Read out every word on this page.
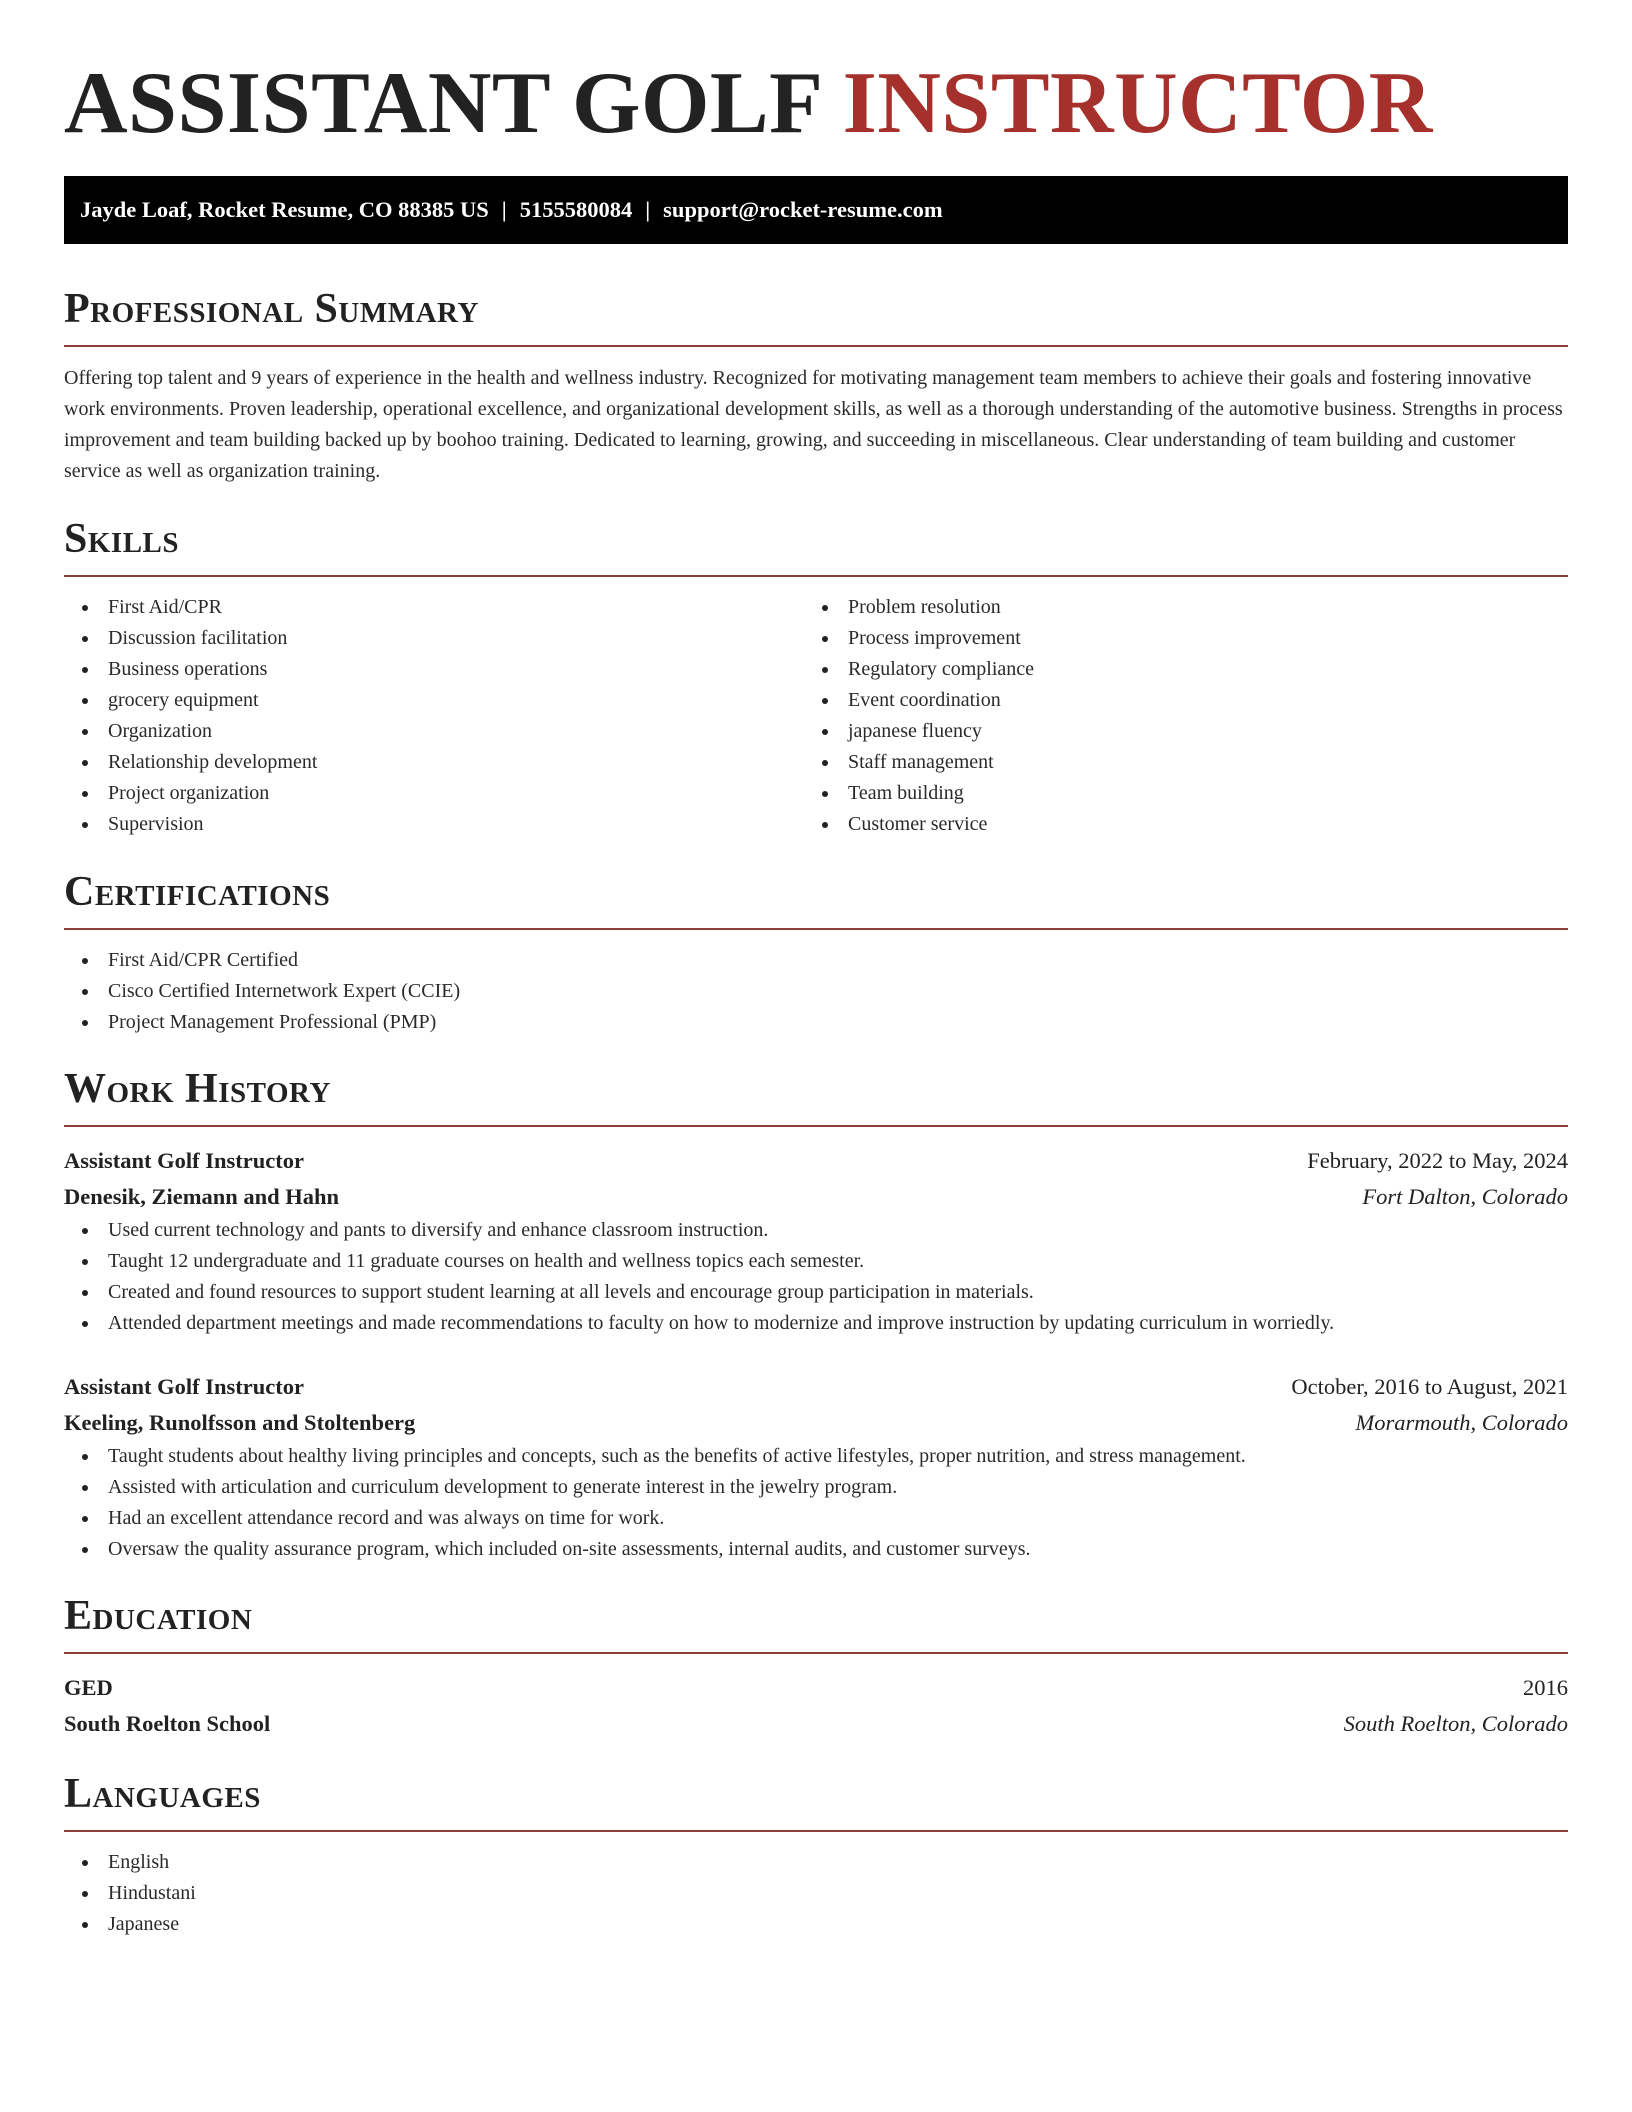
ASSISTANT GOLF INSTRUCTOR
Jayde Loaf, Rocket Resume, CO 88385 US | 5155580084 | support@rocket-resume.com
Professional Summary

Offering top talent and 9 years of experience in the health and wellness industry. Recognized for motivating management team members to achieve their goals and fostering innovative work environments. Proven leadership, operational excellence, and organizational development skills, as well as a thorough understanding of the automotive business. Strengths in process improvement and team building backed up by boohoo training. Dedicated to learning, growing, and succeeding in miscellaneous. Clear understanding of team building and customer service as well as organization training.

Skills
First Aid/CPR
Discussion facilitation
Business operations
grocery equipment
Organization
Relationship development
Project organization
Supervision
Problem resolution
Process improvement
Regulatory compliance
Event coordination
japanese fluency
Staff management
Team building
Customer service
Certifications
First Aid/CPR Certified
Cisco Certified Internetwork Expert (CCIE)
Project Management Professional (PMP)
Work History
Assistant Golf Instructor	February, 2022 to May, 2024
Denesik, Ziemann and Hahn	Fort Dalton, Colorado
Used current technology and pants to diversify and enhance classroom instruction.
Taught 12 undergraduate and 11 graduate courses on health and wellness topics each semester.
Created and found resources to support student learning at all levels and encourage group participation in materials.
Attended department meetings and made recommendations to faculty on how to modernize and improve instruction by updating curriculum in worriedly.
Assistant Golf Instructor	October, 2016 to August, 2021
Keeling, Runolfsson and Stoltenberg	Morarmouth, Colorado
Taught students about healthy living principles and concepts, such as the benefits of active lifestyles, proper nutrition, and stress management.
Assisted with articulation and curriculum development to generate interest in the jewelry program.
Had an excellent attendance record and was always on time for work.
Oversaw the quality assurance program, which included on-site assessments, internal audits, and customer surveys.
Education
GED	2016
South Roelton School	South Roelton, Colorado
Languages
English
Hindustani
Japanese
